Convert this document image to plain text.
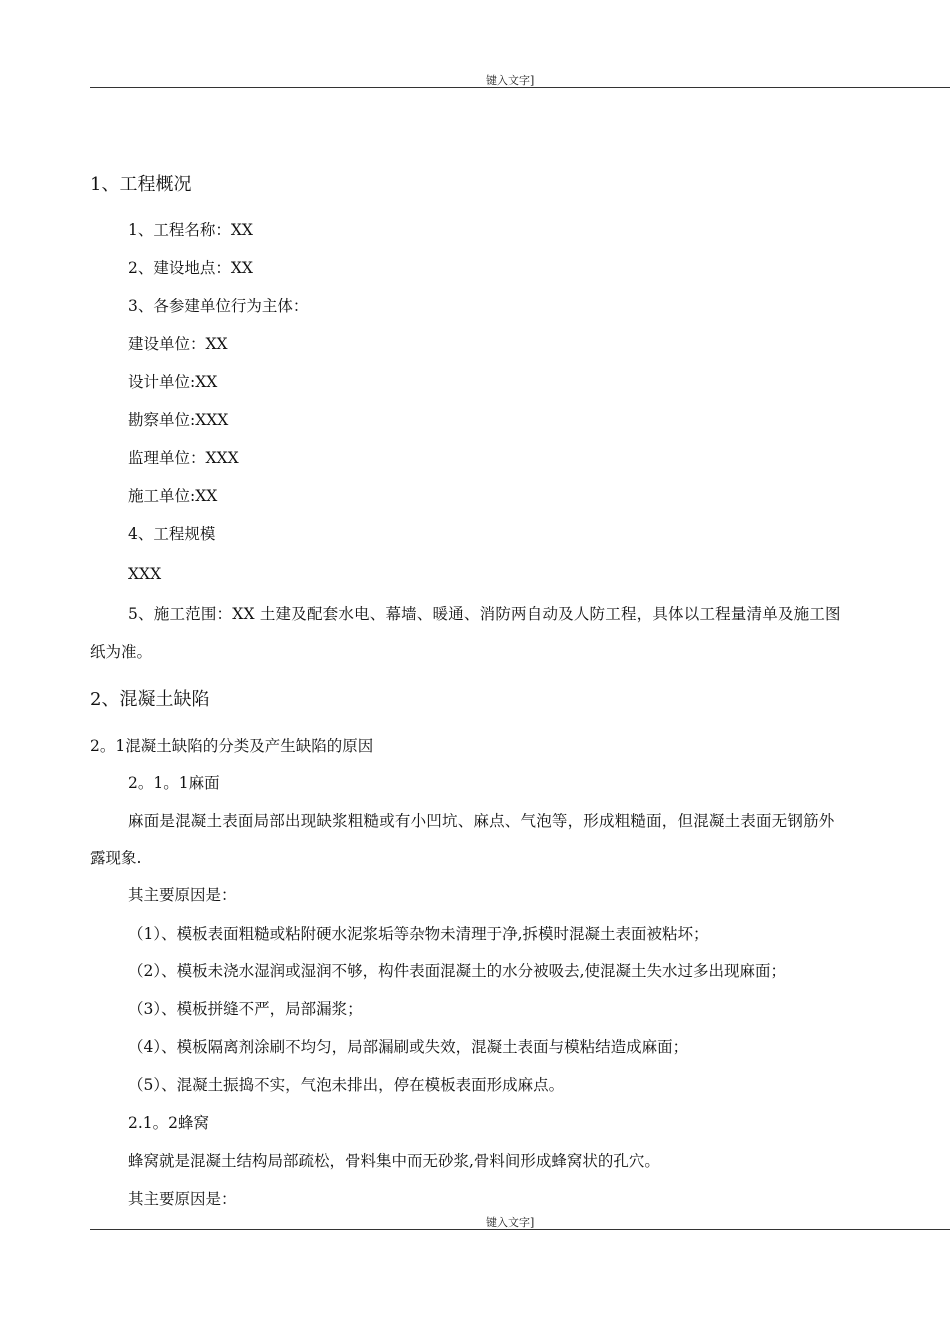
键入文字]
1、工程概况
1、工程名称：XX
2、建设地点：XX
3、各参建单位行为主体：
建设单位：XX
设计单位:XX
勘察单位:XXX
监理单位：XXX
施工单位:XX
4、工程规模
XXX
5、施工范围：XX 土建及配套水电、幕墙、暖通、消防两自动及人防工程，具体以工程量清单及施工图
纸为准。
2、混凝土缺陷
2。1混凝土缺陷的分类及产生缺陷的原因
2。1。1麻面
麻面是混凝土表面局部出现缺浆粗糙或有小凹坑、麻点、气泡等，形成粗糙面，但混凝土表面无钢筋外
露现象.
其主要原因是：
（1）、模板表面粗糙或粘附硬水泥浆垢等杂物未清理于净,拆模时混凝土表面被粘坏；
（2）、模板未浇水湿润或湿润不够，构件表面混凝土的水分被吸去,使混凝土失水过多出现麻面；
（3）、模板拼缝不严，局部漏浆；
（4）、模板隔离剂涂刷不均匀，局部漏刷或失效，混凝土表面与模粘结造成麻面；
（5）、混凝土振捣不实，气泡未排出，停在模板表面形成麻点。
2.1。2蜂窝
蜂窝就是混凝土结构局部疏松，骨料集中而无砂浆,骨料间形成蜂窝状的孔穴。
其主要原因是：
键入文字]
